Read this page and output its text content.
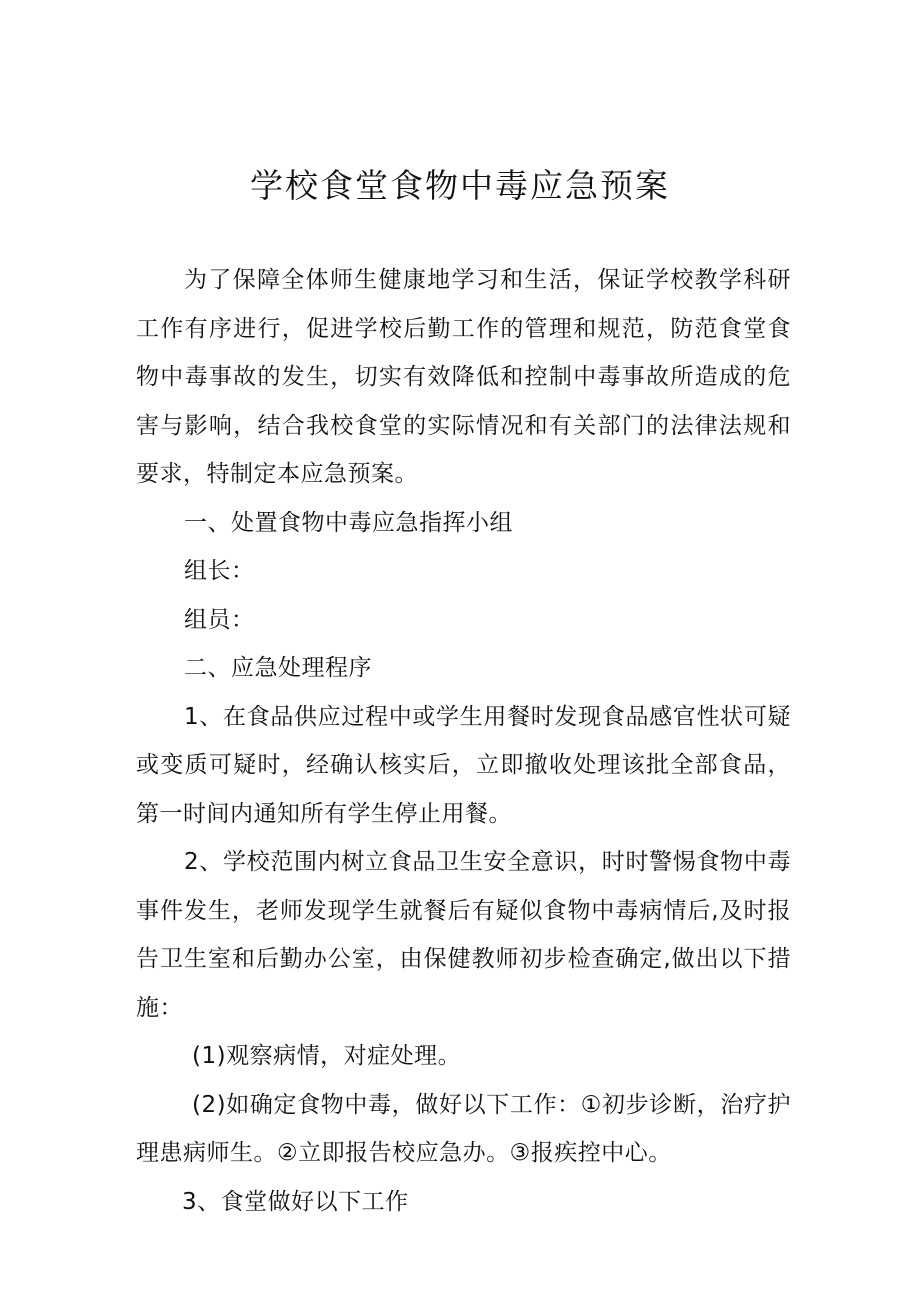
学校食堂食物中毒应急预案

为了保障全体师生健康地学习和生活，保证学校教学科研工作有序进行，促进学校后勤工作的管理和规范，防范食堂食物中毒事故的发生，切实有效降低和控制中毒事故所造成的危害与影响，结合我校食堂的实际情况和有关部门的法律法规和要求，特制定本应急预案。

一、处置食物中毒应急指挥小组

组长：

组员：

二、应急处理程序

1、在食品供应过程中或学生用餐时发现食品感官性状可疑或变质可疑时，经确认核实后，立即撤收处理该批全部食品，第一时间内通知所有学生停止用餐。

2、学校范围内树立食品卫生安全意识，时时警惕食物中毒事件发生，老师发现学生就餐后有疑似食物中毒病情后,及时报告卫生室和后勤办公室，由保健教师初步检查确定,做出以下措施：

(1)观察病情，对症处理。

(2)如确定食物中毒，做好以下工作：①初步诊断，治疗护理患病师生。②立即报告校应急办。③报疾控中心。

3、食堂做好以下工作
